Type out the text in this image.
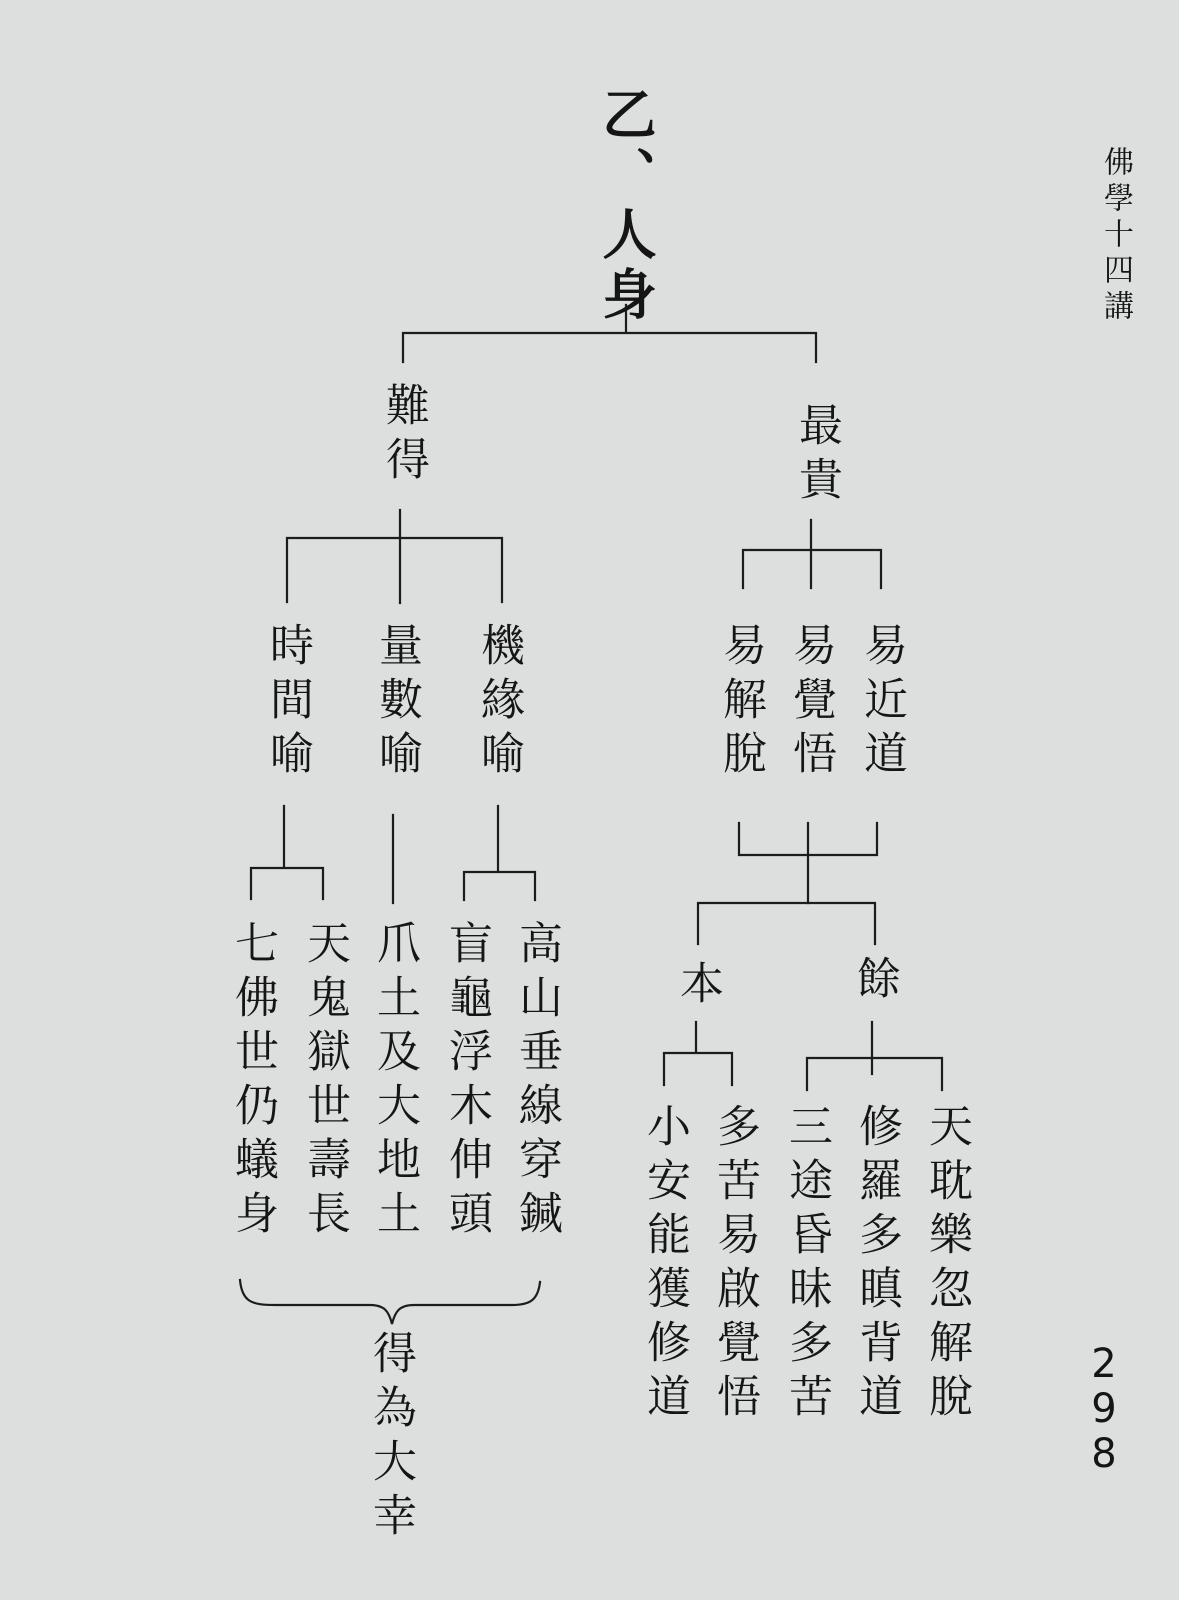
佛學十四講
298
乙、人身
難得	最貴
時間喻 量數喻 機緣喻
七佛世仍蟻身 天鬼獄世壽長 爪土及大地土 盲龜浮木伸頭 高山垂線穿鍼
得為大幸
易解脫 易覺悟 易近道
本	餘
小安能獲修道 多苦易啟覺悟 三途昏昧多苦 修羅多瞋背道 天耽樂忽解脫
